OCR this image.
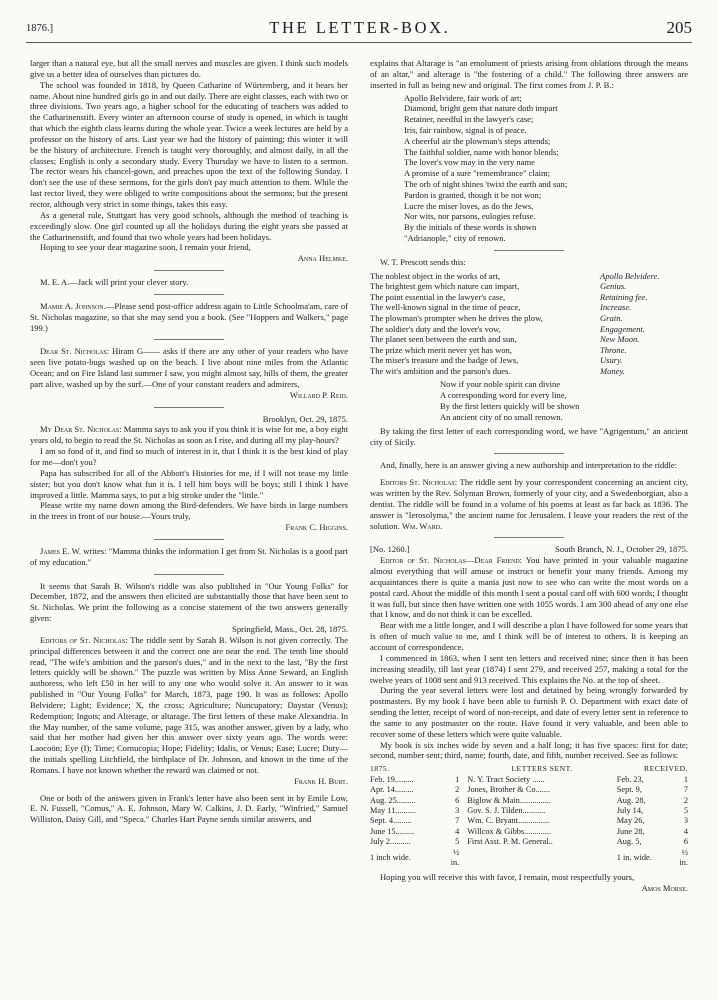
1876.]	THE LETTER-BOX.	205

larger than a natural eye, but all the small nerves and muscles are given. I think such models give us a better idea of ourselves than pictures do.

The school was founded in 1818, by Queen Catharine of Würtemberg, and it bears her name. About nine hundred girls go in and out daily. There are eight classes, each with two or three divisions. Two years ago, a higher school for the educating of teachers was added to the Catharinenstift. Every winter an afternoon course of study is opened, in which is taught that which the eighth class learns during the whole year. Twice a week lectures are held by a professor on the history of arts. Last year we had the history of painting; this winter it will be the history of architecture. French is taught very thoroughly, and almost daily, in all the classes; English is only a secondary study. Every Thursday we have to listen to a sermon. The rector wears his chancel-gown, and preaches upon the text of the following Sunday. I don't see the use of these sermons, for the girls don't pay much attention to them. While the last rector lived, they were obliged to write compositions about the sermons; but the present rector, although very strict in some things, takes this easy.

As a general rule, Stuttgart has very good schools, although the method of teaching is exceedingly slow. One girl counted up all the holidays during the eight years she passed at the Catharinenstift, and found that two whole years had been holidays.

Hoping to see your dear magazine soon, I remain your friend,

Anna Helmke.

M. E. A.—Jack will print your clever story.

Mamie A. Johnson.—Please send post-office address again to Little Schoolma'am, care of St. Nicholas magazine, so that she may send you a book. (See "Hoppers and Walkers," page 199.)

Dear St. Nicholas: Hiram G—— asks if there are any other of your readers who have seen live potato-bugs washed up on the beach. I live about nine miles from the Atlantic Ocean; and on Fire Island last summer I saw, you might almost say, hills of them, the greater part alive, washed up by the surf.—One of your constant readers and admirers,

Willard P. Reid.

Brooklyn, Oct. 29, 1875.

My Dear St. Nicholas: Mamma says to ask you if you think it is wise for me, a boy eight years old, to begin to read the St. Nicholas as soon as I rise, and during all my play-hours?

I am so fond of it, and find so much of interest in it, that I think it is the best kind of play for me—don't you?

Papa has subscribed for all of the Abbott's Histories for me, if I will not tease my little sister; but you don't know what fun it is. I tell him boys will be boys; still I think I have improved a little. Mamma says, to put a big stroke under the "little."

Please write my name down among the Bird-defenders. We have birds in large numbers in the trees in front of our house.—Yours truly,

Frank C. Higgins.

James E. W. writes: "Mamma thinks the information I get from St. Nicholas is a good part of my education."

It seems that Sarah B. Wilson's riddle was also published in "Our Young Folks" for December, 1872, and the answers then elicited are substantially those that have been sent to St. Nicholas. We print the following as a concise statement of the two answers generally given:

Springfield, Mass., Oct. 28, 1875.

Editors of St. Nicholas: The riddle sent by Sarah B. Wilson is not given correctly. The principal differences between it and the correct one are near the end. The tenth line should read, "The wife's ambition and the parson's dues," and in the next to the last, "By the first letters quickly will be shown." The puzzle was written by Miss Anne Seward, an English authoress, who left £50 in her will to any one who would solve it. An answer to it was published in "Our Young Folks" for March, 1873, page 190. It was as follows: Apollo Belvidere; Light; Evidence; X, the cross; Agriculture; Nuncupatory; Daystar (Venus); Redemption; Ingots; and Alterage, or altarage. The first letters of these make Alexandria. In the May number, of the same volume, page 315, was another answer, given by a lady, who said that her mother had given her this answer over sixty years ago. The words were: Laocoön; Eye (I); Time; Cornucopia; Hope; Fidelity; Idalis, or Venus; Ease; Lucre; Duty—the initials spelling Litchfield, the birthplace of Dr. Johnson, and known in the time of the Romans. I have not known whether the reward was claimed or not.

Frank H. Burt.

One or both of the answers given in Frank's letter have also been sent in by Emile Low, E. N. Fussell, "Comus," A. E. Johnson, Mary W. Calkins, J. D. Early, "Winfried," Samuel Williston, Daisy Gill, and "Speca." Charles Hart Payne sends similar answers, and

explains that Altarage is "an emolument of priests arising from oblations through the means of an altar," and alterage is "the fostering of a child." The following three answers are inserted in full as being new and original. The first comes from J. P. B.:

Apollo Belvidere, fair work of art;
Diamond, bright gem that nature doth impart
Retainer, needful in the lawyer's case;
Iris, fair rainbow, signal is of peace.
A cheerful air the plowman's steps attends;
The faithful soldier, name with honor blends;
The lover's vow may in the very name
A promise of a sure "remembrance" claim;
The orb of night shines 'twixt the earth and sun;
Pardon is granted, though it be not won;
Lucre the miser loves, as do the Jews,
Nor wits, nor parsons, eulogies refuse.
By the initials of these words is shown
"Adrianople," city of renown.

W. T. Prescott sends this:

The noblest object in the works of art,	Apollo Belvidere.
The brightest gem which nature can impart,	Genius.
The point essential in the lawyer's case,	Retaining fee.
The well-known signal in the time of peace,	Increase.
The plowman's prompter when he drives the plow,	Grain.
The soldier's duty and the lover's vow,	Engagement.
The planet seen between the earth and sun,	New Moon.
The prize which merit never yet has won,	Throne.
The miser's treasure and the badge of Jews,	Usury.
The wit's ambition and the parson's dues.	Money.
Now if your noble spirit can divine
A corresponding word for every line,
By the first letters quickly will be shown
An ancient city of no small renown.

By taking the first letter of each corresponding word, we have "Agrigentum," an ancient city of Sicily.

And, finally, here is an answer giving a new authorship and interpretation to the riddle:

Editors St. Nicholas: The riddle sent by your correspondent concerning an ancient city, was written by the Rev. Solyman Brown, formerly of your city, and a Swedenborgian, also a dentist. The riddle will be found in a volume of his poems at least as far back as 1836. The answer is "Ierosolyma," the ancient name for Jerusalem. I leave your readers the rest of the solution. Wm. Ward.

[No. 1260.]	South Branch, N. J., October 29, 1875.

Editor of St. Nicholas—Dear Friend: You have printed in your valuable magazine almost everything that will amuse or instruct or benefit your many friends. Among my acquaintances there is quite a mania just now to see who can write the most words on a postal card. About the middle of this month I sent a postal card off with 600 words; I thought it was full, but since then have written one with 1055 words. I am 300 ahead of any one else that I know, and do not think it can be excelled.

Bear with me a little longer, and I will describe a plan I have followed for some years that is often of much value to me, and I think will be of interest to others. It is keeping an account of correspondence.

I commenced in 1863, when I sent ten letters and received nine; since then it has been increasing steadily, till last year (1874) I sent 279, and received 257, making a total for the twelve years of 1008 sent and 913 received. This explains the No. at the top of sheet.

During the year several letters were lost and detained by being wrongly forwarded by postmasters. By my book I have been able to furnish P. O. Department with exact date of sending the letter, receipt of word of non-receipt, and date of every letter sent in reference to the same to any postmaster on the route. Have found it very valuable, and been able to recover some of these letters which were quite valuable.

My book is six inches wide by seven and a half long; it has five spaces: first for date; second, number sent; third, name; fourth, date, and fifth, number received. See as follows:

1875.		LETTERS SENT.	RECEIVED.	
Feb. 19.........	1	N. Y. Tract Society ......	Feb. 23,	1
Apr. 14.........	2	Jones, Brother & Co.......	Sept. 9,	7
Aug. 25.........	6	Biglow & Main...............	Aug. 28,	2
May 11..........	3	Gov. S. J. Tilden...........	July 14,	5
Sept. 4.........	7	Wm. C. Bryant...............	May 26,	3
June 15.........	4	Willcox & Gibbs.............	June 28,	4
July 2..........	5	First Asst. P. M. General..	Aug. 5,	6
1 inch wide.	½ in.		1 in. wide.	½ in.

Hoping you will receive this with favor, I remain, most respectfully yours,

Amos Morse.
